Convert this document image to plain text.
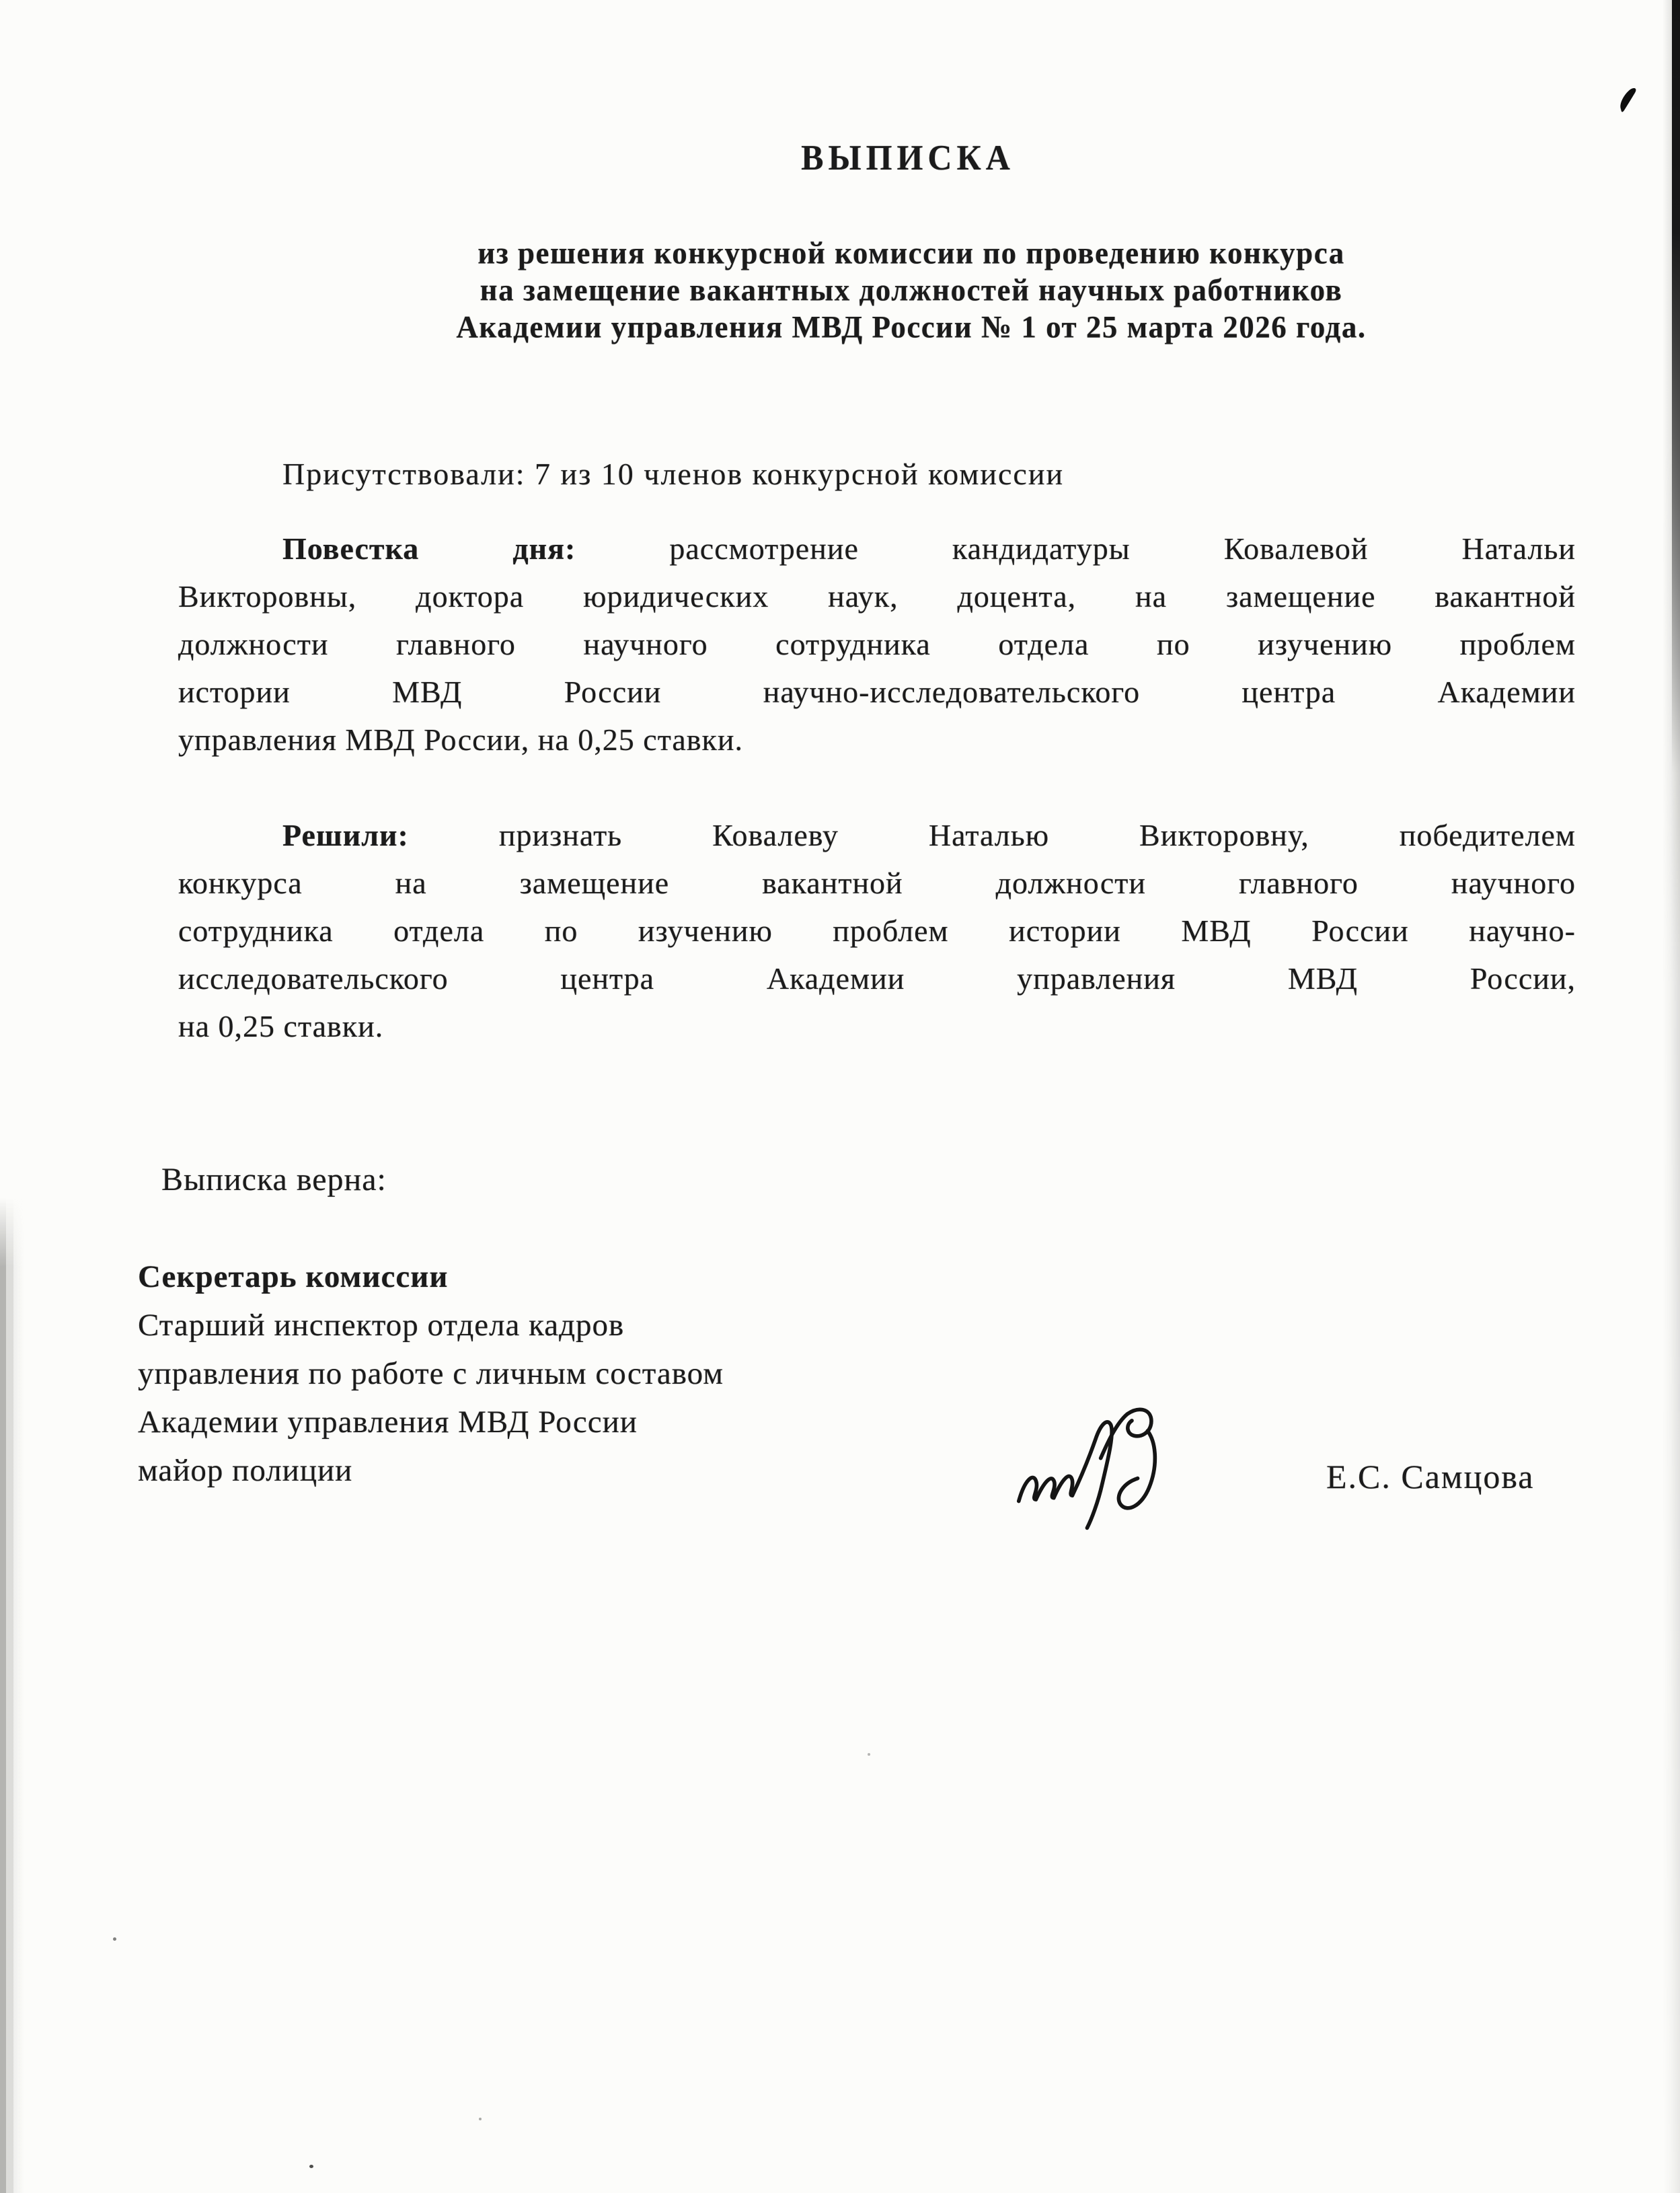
ВЫПИСКА
из решения конкурсной комиссии по проведению конкурса
на замещение вакантных должностей научных работников
Академии управления МВД России № 1 от 25 марта 2026 года.
Присутствовали: 7 из 10 членов конкурсной комиссии
Повестка дня:	рассмотрение кандидатуры Ковалевой Натальи
Викторовны, доктора юридических наук, доцента, на замещение вакантной
должности главного научного сотрудника отдела по изучению проблем
истории МВД России научно-исследовательского центра Академии
управления МВД России, на 0,25 ставки.
Решили:	признать Ковалеву Наталью Викторовну, победителем
конкурса на замещение вакантной должности главного научного
сотрудника отдела по изучению проблем истории МВД России научно-
исследовательского центра Академии управления МВД России,
на 0,25 ставки.
Выписка верна:
Секретарь комиссии
Старший инспектор отдела кадров
управления по работе с личным составом
Академии управления МВД России
майор полиции	Е.С. Самцова
